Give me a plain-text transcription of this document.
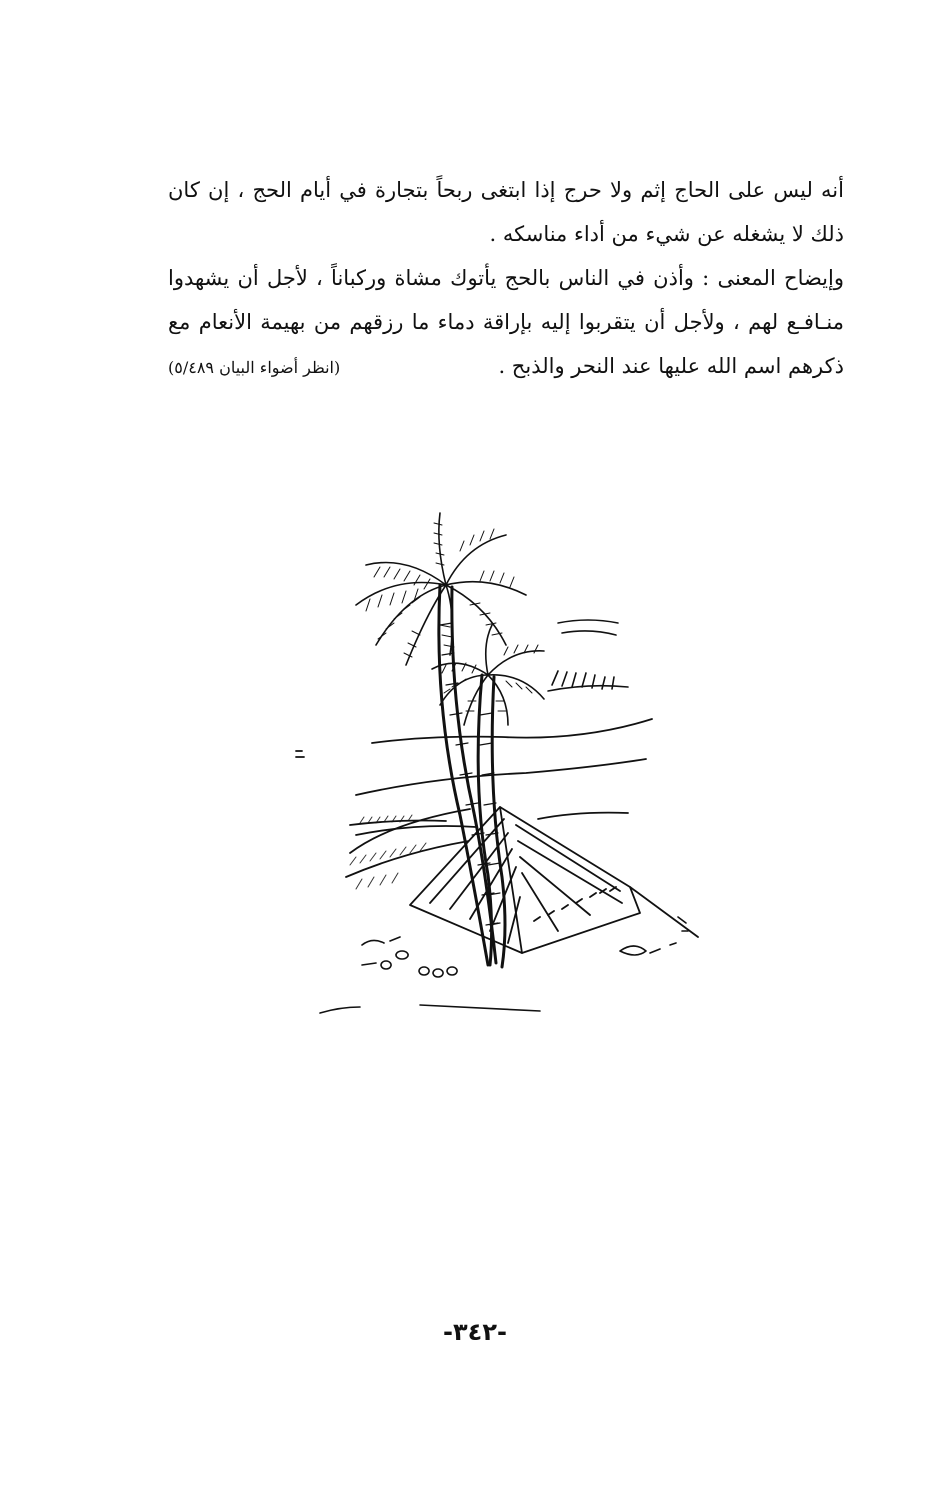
أنه ليس على الحاج إثم ولا حرج إذا ابتغى ربحاً بتجارة في أيام الحج ، إن كان
ذلك لا يشغله عن شيء من أداء مناسكه .
وإيضاح المعنى : وأذن في الناس بالحج يأتوك مشاة وركباناً ، لأجل أن يشهدوا
منـافـع لهم ، ولأجل أن يتقربوا إليه بإراقة دماء ما رزقهم من بهيمة الأنعام مع
ذكرهم اسم الله عليها عند النحر والذبح .
(انظر أضواء البيان ٥/٤٨٩)
-٣٤٢-
